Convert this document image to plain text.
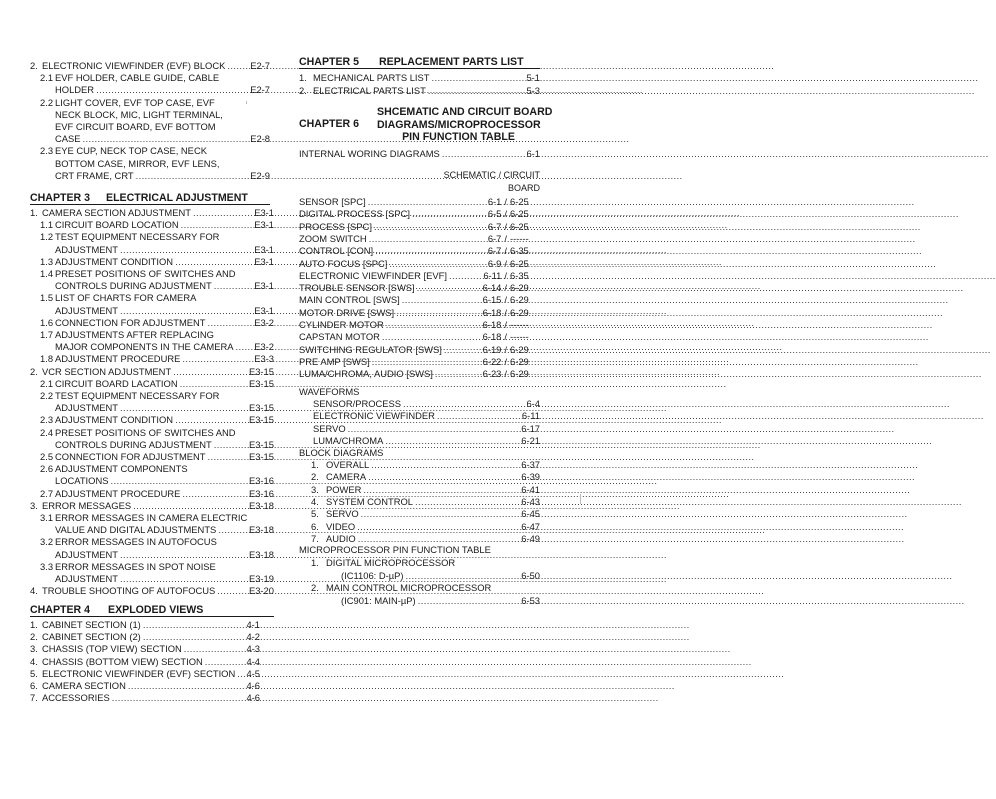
2. ELECTRONIC VIEWFINDER (EVF) BLOCK .....	E2-7
2.1 EVF HOLDER, CABLE GUIDE, CABLE
HOLDER .....	E2-7
2.2 LIGHT COVER, EVF TOP CASE, EVF
NECK BLOCK, MIC, LIGHT TERMINAL,
EVF CIRCUIT BOARD, EVF BOTTOM
CASE .....	E2-8
2.3 EYE CUP, NECK TOP CASE, NECK
BOTTOM CASE, MIRROR, EVF LENS,
CRT FRAME, CRT .....	E2-9
CHAPTER 3 ELECTRICAL ADJUSTMENT
1. CAMERA SECTION ADJUSTMENT .....	E3-1
1.1 CIRCUIT BOARD LOCATION .....	E3-1
1.2 TEST EQUIPMENT NECESSARY FOR
ADJUSTMENT .....	E3-1
1.3 ADJUSTMENT CONDITION .....	E3-1
1.4 PRESET POSITIONS OF SWITCHES AND
CONTROLS DURING ADJUSTMENT .....	E3-1
1.5 LIST OF CHARTS FOR CAMERA
ADJUSTMENT .....	E3-1
1.6 CONNECTION FOR ADJUSTMENT .....	E3-2
1.7 ADJUSTMENTS AFTER REPLACING
MAJOR COMPONENTS IN THE CAMERA ..... E3-2
1.8 ADJUSTMENT PROCEDURE .....	E3-3
2. VCR SECTION ADJUSTMENT .....	E3-15
2.1 CIRCUIT BOARD LACATION .....	E3-15
2.2 TEST EQUIPMENT NECESSARY FOR
ADJUSTMENT .....	E3-15
2.3 ADJUSTMENT CONDITION .....	E3-15
2.4 PRESET POSITIONS OF SWITCHES AND
CONTROLS DURING ADJUSTMENT .....	E3-15
2.5 CONNECTION FOR ADJUSTMENT .....	E3-15
2.6 ADJUSTMENT COMPONENTS
LOCATIONS .....	E3-16
2.7 ADJUSTMENT PROCEDURE .....	E3-16
3. ERROR MESSAGES .....	E3-18
3.1 ERROR MESSAGES IN CAMERA ELECTRIC
VALUE AND DIGITAL ADJUSTMENTS .....	E3-18
3.2 ERROR MESSAGES IN AUTOFOCUS
ADJUSTMENT .....	E3-18
3.3 ERROR MESSAGES IN SPOT NOISE
ADJUSTMENT .....	E3-19
4. TROUBLE SHOOTING OF AUTOFOCUS .....	E3-20
CHAPTER 4 EXPLODED VIEWS
1. CABINET SECTION (1) .....	4-1
2. CABINET SECTION (2) .....	4-2
3. CHASSIS (TOP VIEW) SECTION .....	4-3
4. CHASSIS (BOTTOM VIEW) SECTION .....	4-4
5. ELECTRONIC VIEWFINDER (EVF) SECTION ..... 4-5
6. CAMERA SECTION .....	4-6
7. ACCESSORIES .....	4-6
CHAPTER 5 REPLACEMENT PARTS LIST
1. MECHANICAL PARTS LIST .....	5-1
2. ELECTRICAL PARTS LIST .....	5-3
CHAPTER 6
SHCEMATIC AND CIRCUIT BOARD
DIAGRAMS/MICROPROCESSOR
PIN FUNCTION TABLE
INTERNAL WORING DIAGRAMS .....	6-1
SCHEMATIC / CIRCUIT
BOARD
SENSOR [SPC] .....	6-1 / 6-25
DIGITAL PROCESS [SPC] .....	6-5 / 6-25
PROCESS [SPC] .....	6-7 / 6-25
ZOOM SWITCH .....	6-7 / ------
CONTROL [CON] .....	6-7 / 6-35
AUTO FOCUS [SPC] .....	6-9 / 6-25
ELECTRONIC VIEWFINDER [EVF] .....	6-11 / 6-35
TROUBLE SENSOR [SWS] .....	6-14 / 6-29
MAIN CONTROL [SWS] .....	6-15 / 6-29
MOTOR DRIVE [SWS] .....	6-18 / 6-29
CYLINDER MOTOR .....	6-18 / ------
CAPSTAN MOTOR .....	6-18 / ------
SWITCHING REGULATOR [SWS] .....	6-19 / 6-29
PRE AMP [SWS] .....	6-22 / 6-29
LUMA/CHROMA, AUDIO [SWS] .....	6-23 / 6-29
WAVEFORMS
SENSOR/PROCESS .....	6-4
ELECTRONIC VIEWFINDER .....	6-11
SERVO .....	6-17
LUMA/CHROMA .....	6-21
BLOCK DIAGRAMS
1. OVERALL .....	6-37
2. CAMERA .....	6-39
3. POWER .....	6-41
4. SYSTEM CONTROL .....	6-43
5. SERVO .....	6-45
6. VIDEO .....	6-47
7. AUDIO .....	6-49
MICROPROCESSOR PIN FUNCTION TABLE
1. DIGITAL MICROPROCESSOR
(IC1106: D-µP) .....	6-50
2. MAIN CONTROL MICROPROCESSOR
(IC901: MAIN-µP) .....	6-53
